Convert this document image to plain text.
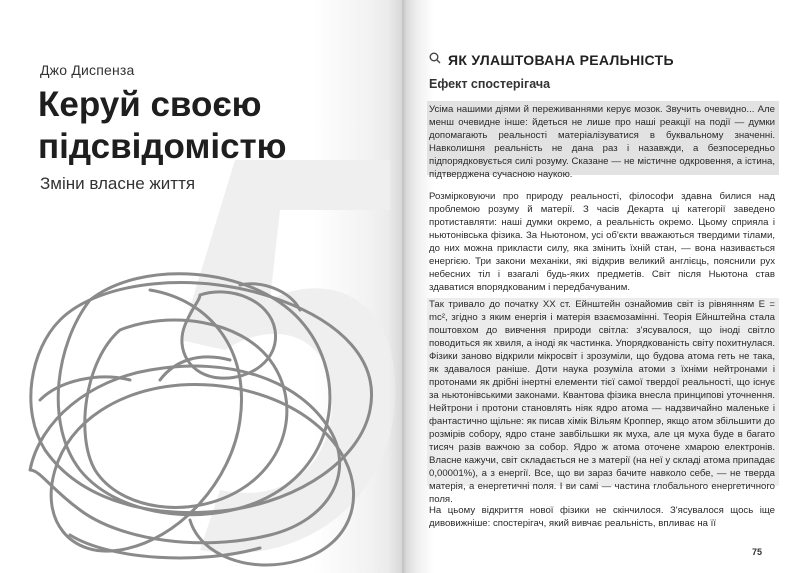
Джо Диспенза
Керуй своєю
підсвідомістю
Зміни власне життя
ЯК УЛАШТОВАНА РЕАЛЬНІСТЬ
Ефект спостерігача

Усіма нашими діями й переживаннями керує мозок. Звучить очевидно... Але менш очевидне інше: йдеться не лише про наші реакції на події — думки допомагають реальності матеріалізуватися в буквальному значенні. Навколишня реальність не дана раз і назавжди, а безпосередньо підпорядковується силі розуму. Сказане — не містичне одкровення, а істина, підтверджена сучасною наукою.

Розмірковуючи про природу реальності, філософи здавна билися над проблемою розуму й матерії. З часів Декарта ці категорії заведено протиставляти: наші думки окремо, а реальність окремо. Цьому сприяла і ньютонівська фізика. За Ньютоном, усі об'єкти вважаються твердими тілами, до них можна прикласти силу, яка змінить їхній стан, — вона називається енергією. Три закони механіки, які відкрив великий англієць, пояснили рух небесних тіл і взагалі будь-яких предметів. Світ після Ньютона став здаватися впорядкованим і передбачуваним.

Так тривало до початку XX ст. Ейнштейн ознайомив світ із рівнянням E = mc², згідно з яким енергія і матерія взаємозамінні. Теорія Ейнштейна стала поштовхом до вивчення природи світла: з'ясувалося, що іноді світло поводиться як хвиля, а іноді як частинка. Упорядкованість світу похитнулася. Фізики заново відкрили мікросвіт і зрозуміли, що будова атома геть не така, як здавалося раніше. Доти наука розуміла атоми з їхніми нейтронами і протонами як дрібні інертні елементи тієї самої твердої реальності, що існує за ньютонівськими законами. Квантова фізика внесла принципові уточнення. Нейтрони і протони становлять ніяк ядро атома — надзвичайно маленьке і фантастично щільне: як писав хімік Вільям Кроппер, якщо атом збільшити до розмірів собору, ядро стане завбільшки як муха, але ця муха буде в багато тисяч разів важчою за собор. Ядро ж атома оточене хмарою електронів. Власне кажучи, світ складається не з матерії (на неї у складі атома припадає 0,00001%), а з енергії. Все, що ви зараз бачите навколо себе, — не тверда матерія, а енергетичні поля. І ви самі — частина глобального енергетичного поля.

На цьому відкриття нової фізики не скінчилося. З'ясувалося щось іще дивовижніше: спостерігач, який вивчає реальність, впливає на її

75
